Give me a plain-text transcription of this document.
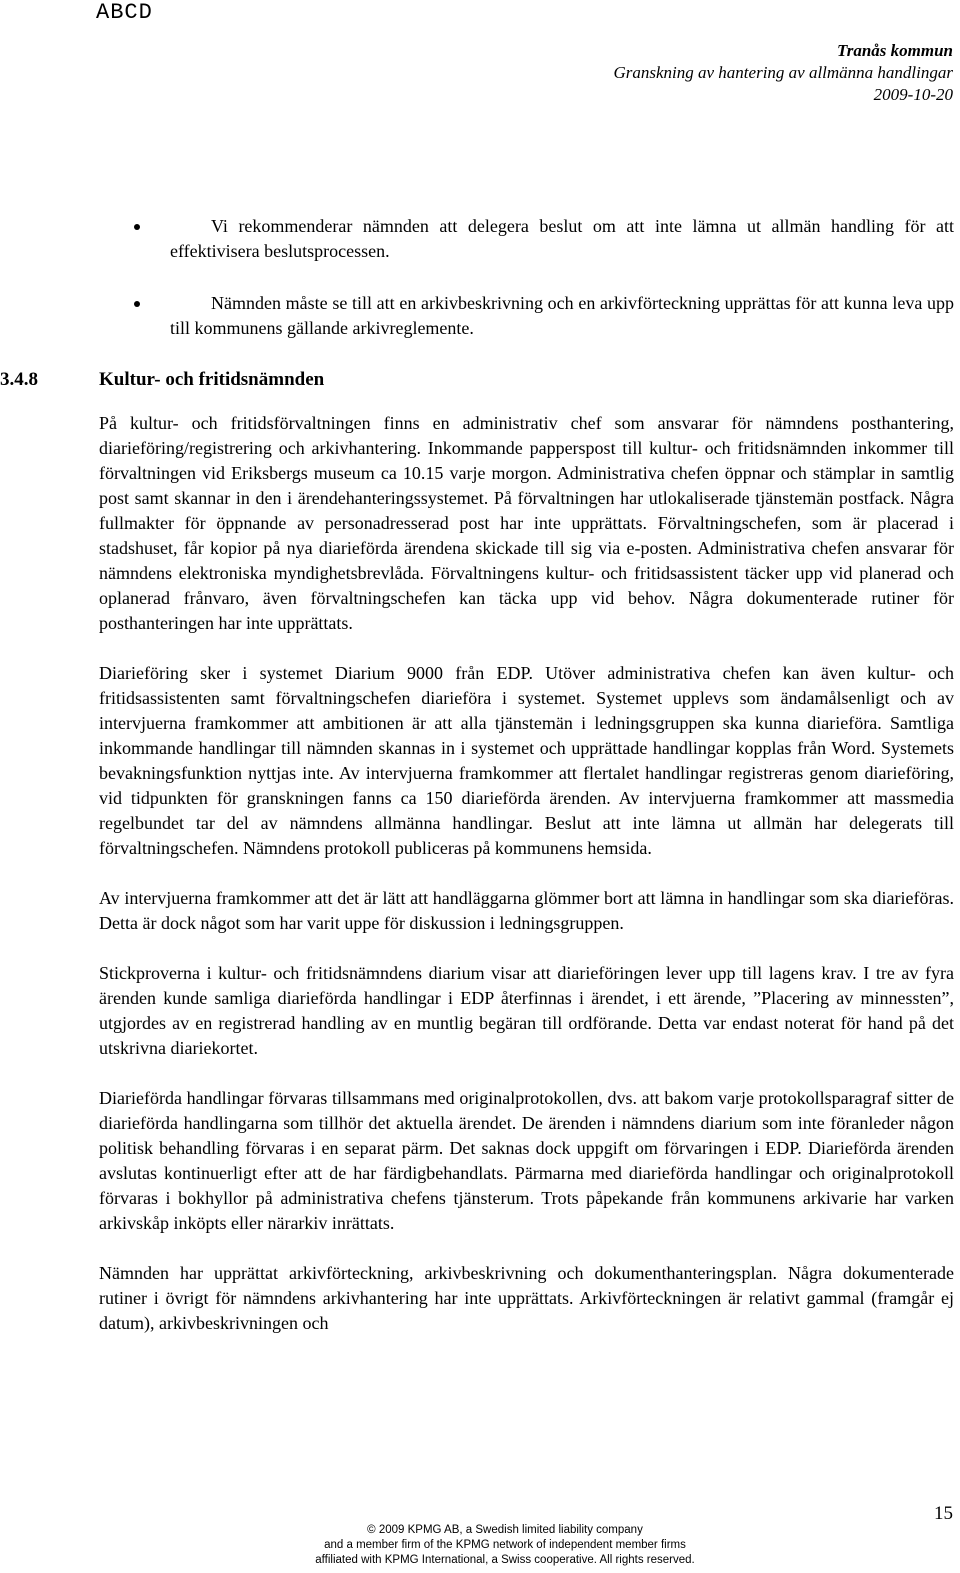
ABCD
Tranås kommun
Granskning av hantering av allmänna handlingar
2009-10-20
Vi rekommenderar nämnden att delegera beslut om att inte lämna ut allmän handling för att effektivisera beslutsprocessen.
Nämnden måste se till att en arkivbeskrivning och en arkivförteckning upprättas för att kunna leva upp till kommunens gällande arkivreglemente.
3.4.8	Kultur- och fritidsnämnden

På kultur- och fritidsförvaltningen finns en administrativ chef som ansvarar för nämndens posthantering, diarieföring/registrering och arkivhantering. Inkommande papperspost till kultur- och fritidsnämnden inkommer till förvaltningen vid Eriksbergs museum ca 10.15 varje morgon. Administrativa chefen öppnar och stämplar in samtlig post samt skannar in den i ärendehanteringssystemet. På förvaltningen har utlokaliserade tjänstemän postfack. Några fullmakter för öppnande av personadresserad post har inte upprättats. Förvaltningschefen, som är placerad i stadshuset, får kopior på nya diarieförda ärendena skickade till sig via e-posten. Administrativa chefen ansvarar för nämndens elektroniska myndighetsbrevlåda. Förvaltningens kultur- och fritidsassistent täcker upp vid planerad och oplanerad frånvaro, även förvaltningschefen kan täcka upp vid behov. Några dokumenterade rutiner för posthanteringen har inte upprättats.

Diarieföring sker i systemet Diarium 9000 från EDP. Utöver administrativa chefen kan även kultur- och fritidsassistenten samt förvaltningschefen diarieföra i systemet. Systemet upplevs som ändamålsenligt och av intervjuerna framkommer att ambitionen är att alla tjänstemän i ledningsgruppen ska kunna diarieföra. Samtliga inkommande handlingar till nämnden skannas in i systemet och upprättade handlingar kopplas från Word. Systemets bevakningsfunktion nyttjas inte. Av intervjuerna framkommer att flertalet handlingar registreras genom diarieföring, vid tidpunkten för granskningen fanns ca 150 diarieförda ärenden. Av intervjuerna framkommer att massmedia regelbundet tar del av nämndens allmänna handlingar. Beslut att inte lämna ut allmän har delegerats till förvaltningschefen. Nämndens protokoll publiceras på kommunens hemsida.

Av intervjuerna framkommer att det är lätt att handläggarna glömmer bort att lämna in handlingar som ska diarieföras. Detta är dock något som har varit uppe för diskussion i ledningsgruppen.

Stickproverna i kultur- och fritidsnämndens diarium visar att diarieföringen lever upp till lagens krav. I tre av fyra ärenden kunde samliga diarieförda handlingar i EDP återfinnas i ärendet, i ett ärende, ”Placering av minnessten”, utgjordes av en registrerad handling av en muntlig begäran till ordförande. Detta var endast noterat för hand på det utskrivna diariekortet.

Diarieförda handlingar förvaras tillsammans med originalprotokollen, dvs. att bakom varje protokollsparagraf sitter de diarieförda handlingarna som tillhör det aktuella ärendet. De ärenden i nämndens diarium som inte föranleder någon politisk behandling förvaras i en separat pärm. Det saknas dock uppgift om förvaringen i EDP. Diarieförda ärenden avslutas kontinuerligt efter att de har färdigbehandlats. Pärmarna med diarieförda handlingar och originalprotokoll förvaras i bokhyllor på administrativa chefens tjänsterum. Trots påpekande från kommunens arkivarie har varken arkivskåp inköpts eller närarkiv inrättats.

Nämnden har upprättat arkivförteckning, arkivbeskrivning och dokumenthanteringsplan. Några dokumenterade rutiner i övrigt för nämndens arkivhantering har inte upprättats. Arkivförteckningen är relativt gammal (framgår ej datum), arkivbeskrivningen och

15
© 2009 KPMG AB, a Swedish limited liability company
and a member firm of the KPMG network of independent member firms
affiliated with KPMG International, a Swiss cooperative. All rights reserved.
